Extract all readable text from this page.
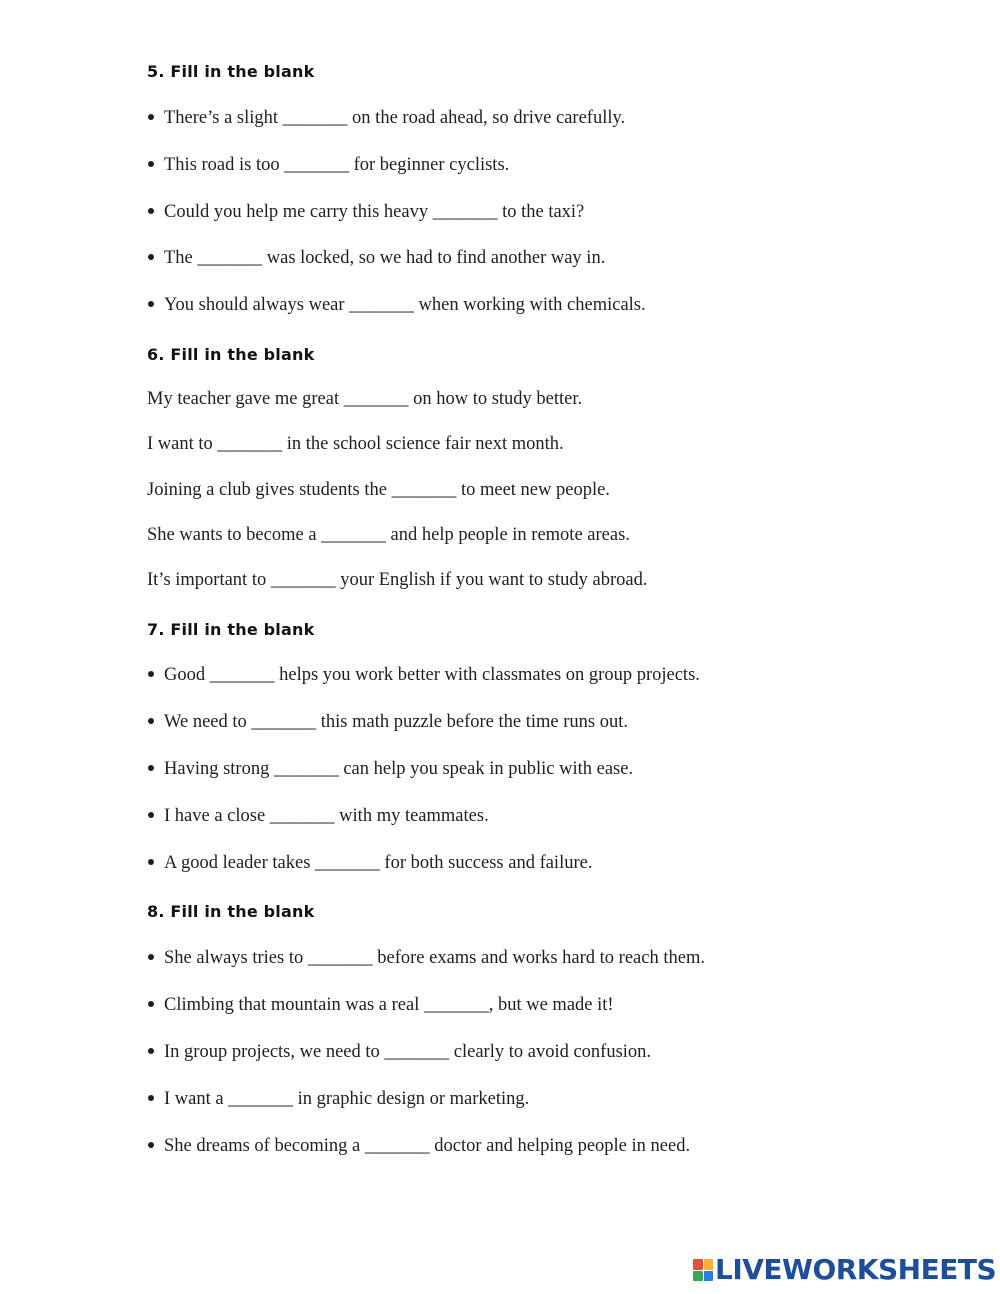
5. Fill in the blank
There’s a slight _______ on the road ahead, so drive carefully.
This road is too _______ for beginner cyclists.
Could you help me carry this heavy _______ to the taxi?
The _______ was locked, so we had to find another way in.
You should always wear _______ when working with chemicals.
6. Fill in the blank
My teacher gave me great _______ on how to study better.
I want to _______ in the school science fair next month.
Joining a club gives students the _______ to meet new people.
She wants to become a _______ and help people in remote areas.
It’s important to _______ your English if you want to study abroad.
7. Fill in the blank
Good _______ helps you work better with classmates on group projects.
We need to _______ this math puzzle before the time runs out.
Having strong _______ can help you speak in public with ease.
I have a close _______ with my teammates.
A good leader takes _______ for both success and failure.
8. Fill in the blank
She always tries to _______ before exams and works hard to reach them.
Climbing that mountain was a real _______, but we made it!
In group projects, we need to _______ clearly to avoid confusion.
I want a _______ in graphic design or marketing.
She dreams of becoming a _______ doctor and helping people in need.
LIVEWORKSHEETS
